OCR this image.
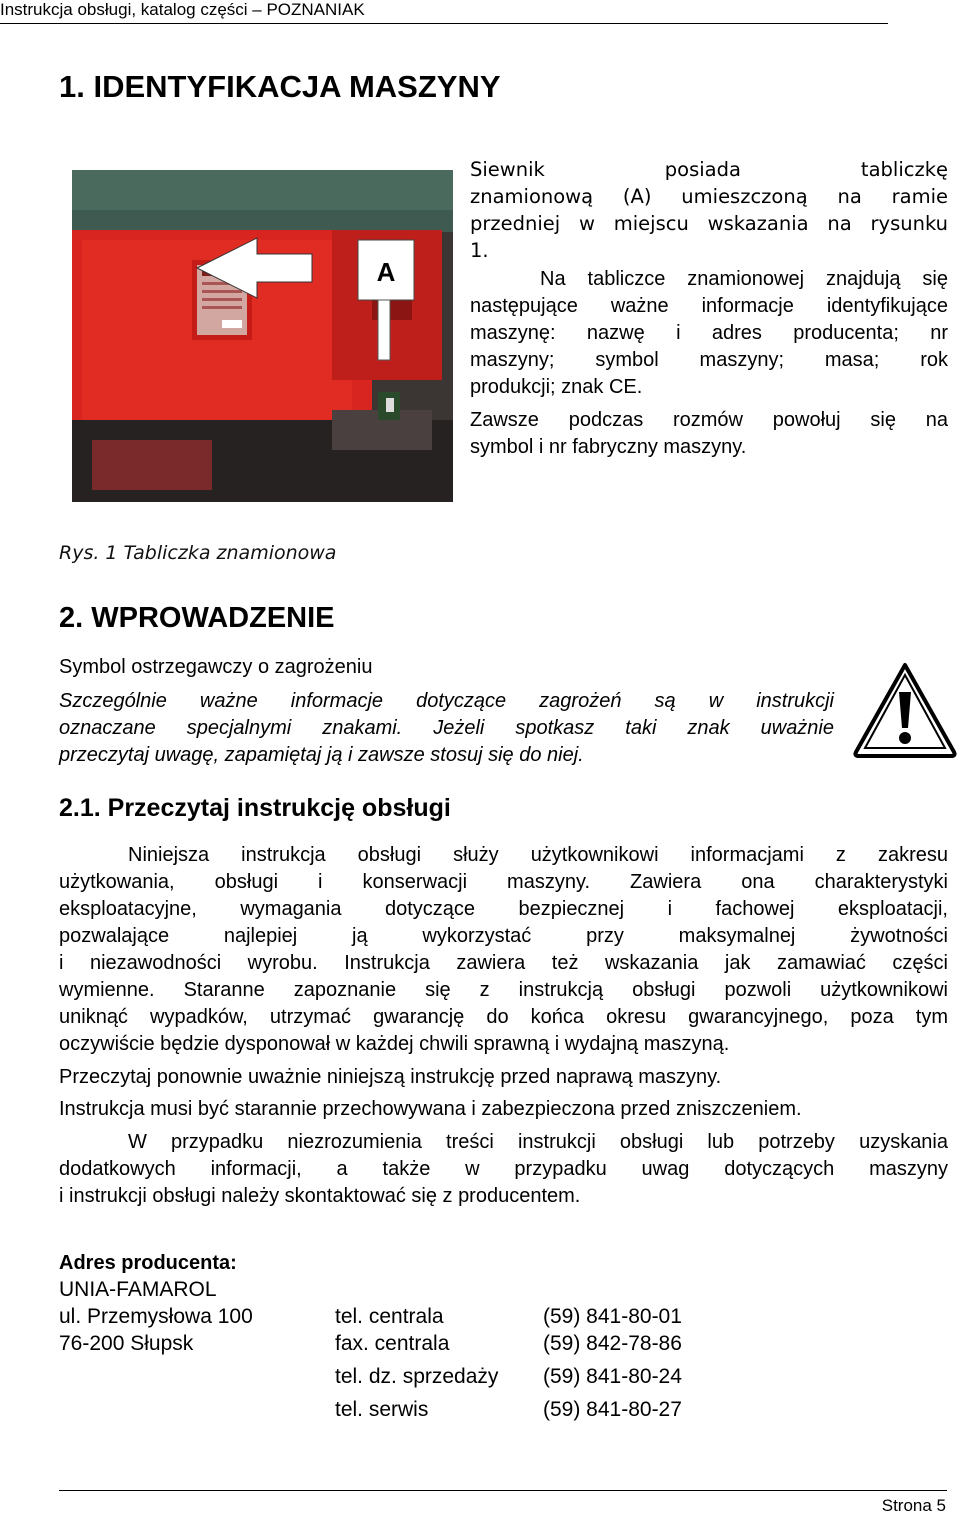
Instrukcja obsługi, katalog części – POZNANIAK
1. IDENTYFIKACJA MASZYNY
A
Siewnik posiada tabliczkę
znamionową (A) umieszczoną na ramie
przedniej w miejscu wskazania na rysunku
1.
Na tabliczce znamionowej znajdują się
następujące ważne informacje identyfikujące
maszynę: nazwę i adres producenta; nr
maszyny; symbol maszyny; masa; rok
produkcji; znak CE.
Zawsze podczas rozmów powołuj się na
symbol i nr fabryczny maszyny.
Rys. 1 Tabliczka znamionowa
2. WPROWADZENIE
Symbol ostrzegawczy o zagrożeniu
Szczególnie ważne informacje dotyczące zagrożeń są w instrukcji
oznaczane specjalnymi znakami. Jeżeli spotkasz taki znak uważnie
przeczytaj uwagę, zapamiętaj ją i zawsze stosuj się do niej.
2.1. Przeczytaj instrukcję obsługi
Niniejsza instrukcja obsługi służy użytkownikowi informacjami z zakresu
użytkowania, obsługi i konserwacji maszyny. Zawiera ona charakterystyki
eksploatacyjne, wymagania dotyczące bezpiecznej i fachowej eksploatacji,
pozwalające najlepiej ją wykorzystać przy maksymalnej żywotności
i niezawodności wyrobu. Instrukcja zawiera też wskazania jak zamawiać części
wymienne. Staranne zapoznanie się z instrukcją obsługi pozwoli użytkownikowi
uniknąć wypadków, utrzymać gwarancję do końca okresu gwarancyjnego, poza tym
oczywiście będzie dysponował w każdej chwili sprawną i wydajną maszyną.
Przeczytaj ponownie uważnie niniejszą instrukcję przed naprawą maszyny.
Instrukcja musi być starannie przechowywana i zabezpieczona przed zniszczeniem.
W przypadku niezrozumienia treści instrukcji obsługi lub potrzeby uzyskania
dodatkowych informacji, a także w przypadku uwag dotyczących maszyny
i instrukcji obsługi należy skontaktować się z producentem.
Adres producenta:
UNIA-FAMAROL
ul. Przemysłowa 100
76-200 Słupsk
tel. centrala	(59) 841-80-01
fax. centrala	(59) 842-78-86
tel. dz. sprzedaży (59) 841-80-24
tel. serwis	(59) 841-80-27
Strona 5
